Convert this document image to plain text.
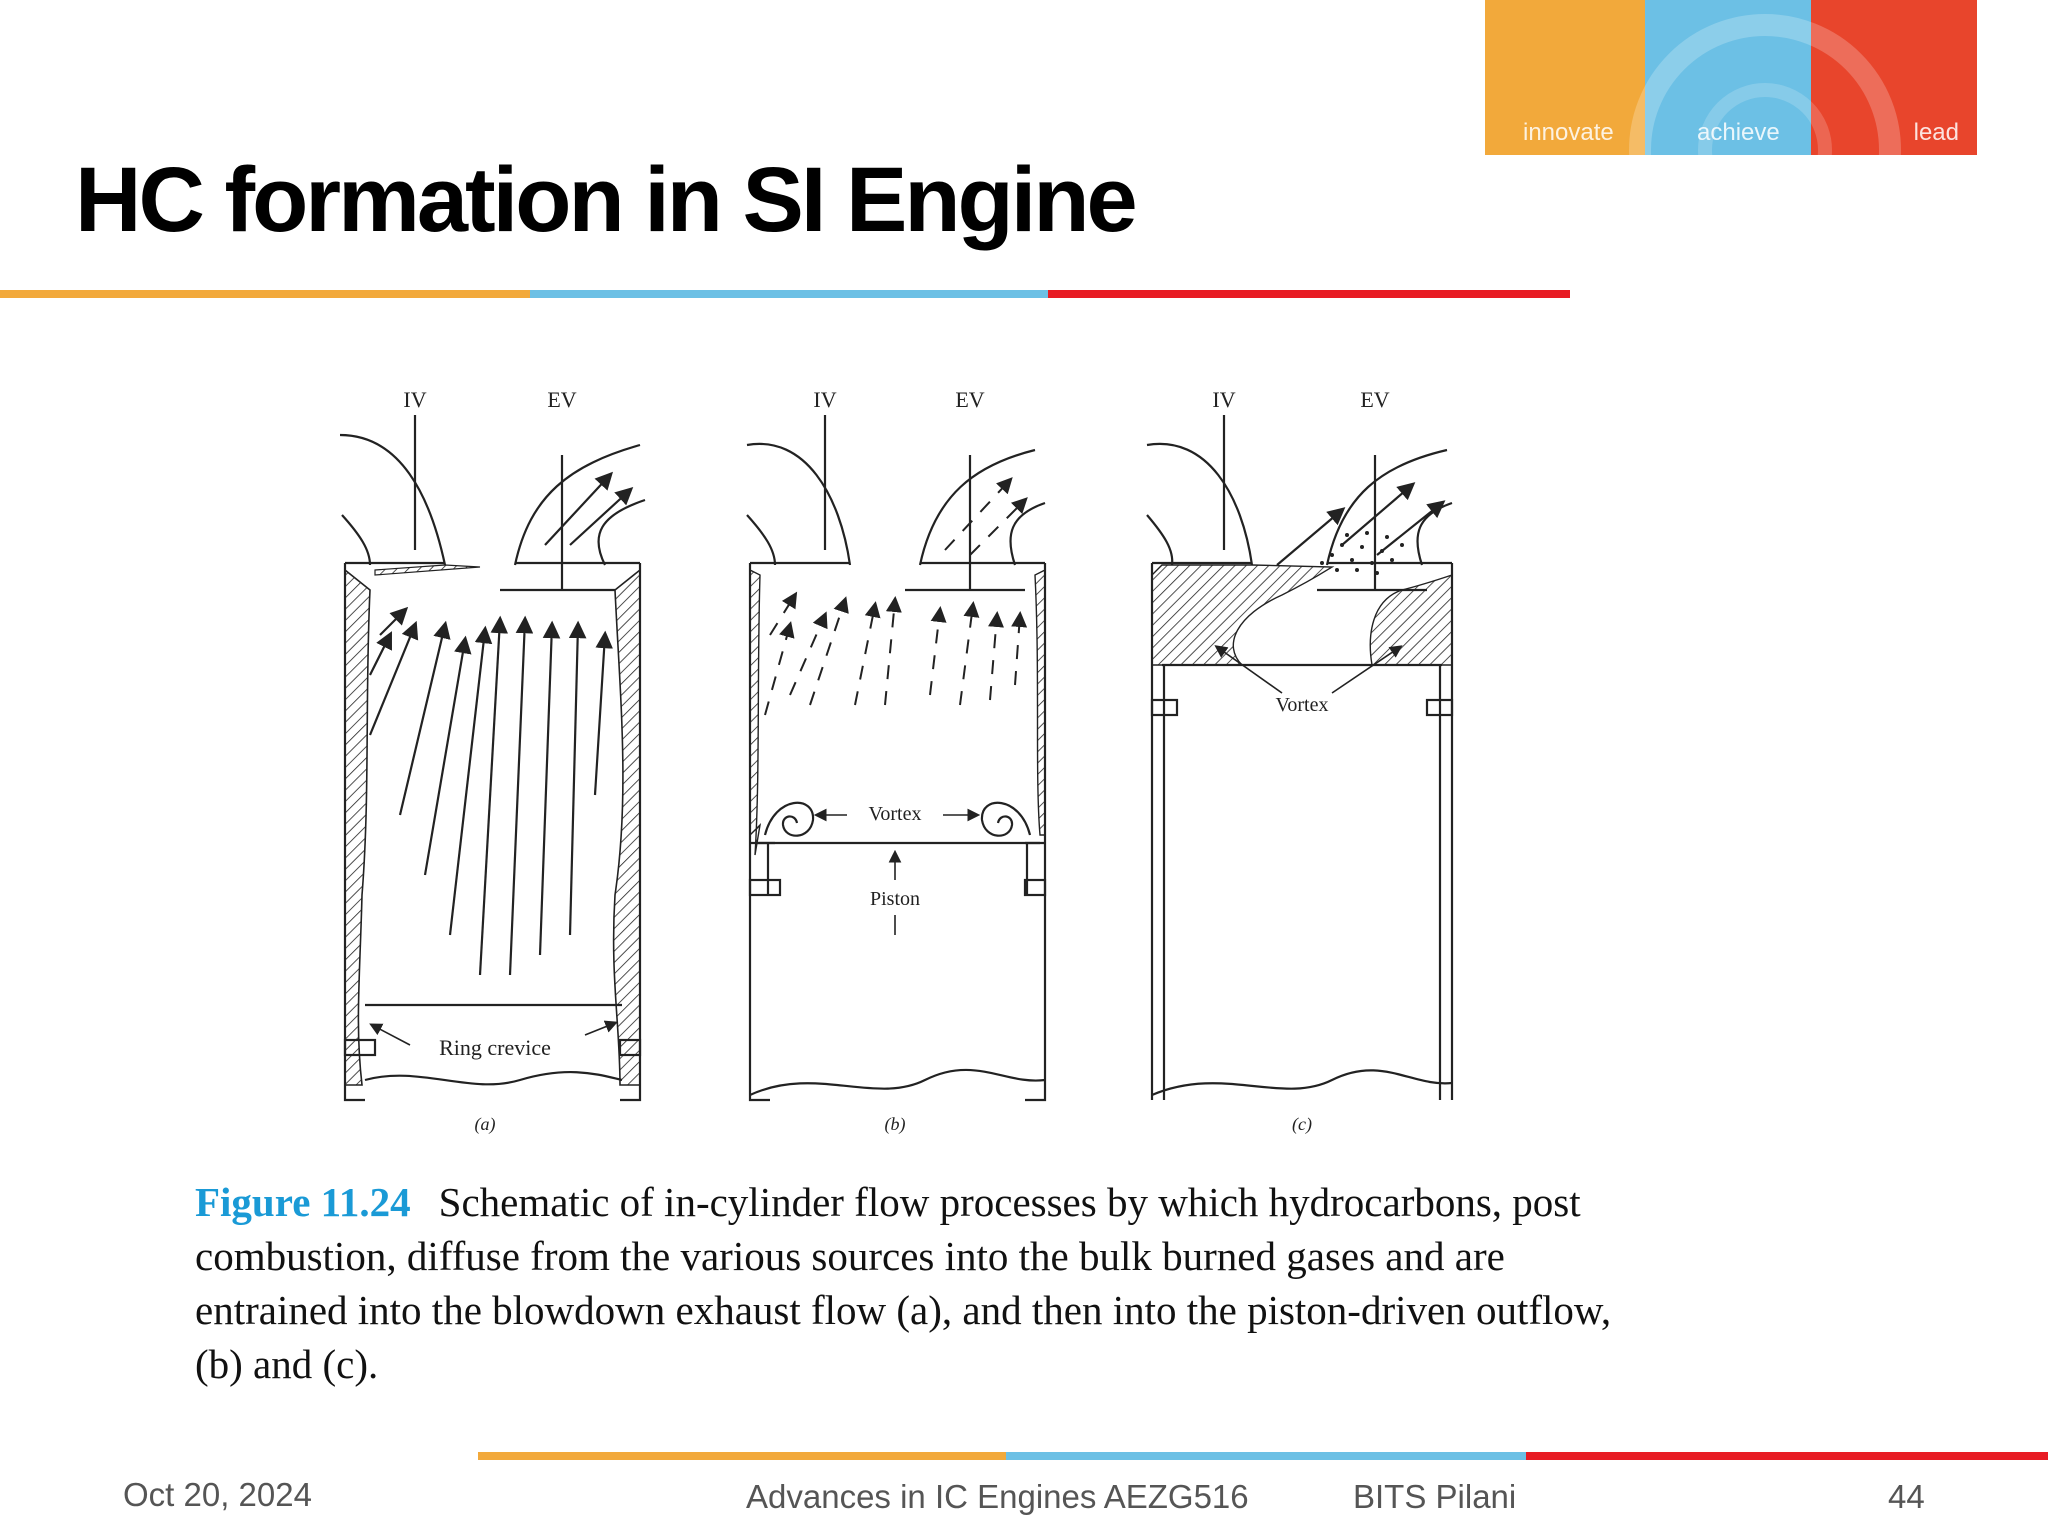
innovate	achieve	lead
HC formation in SI Engine
IV	EV
Ring crevice
(a)
IV	EV
Vortex
Piston
(b)
IV	EV
Vortex
(c)
Figure 11.24 Schematic of in-cylinder flow processes by which hydrocarbons, post combustion, diffuse from the various sources into the bulk burned gases and are entrained into the blowdown exhaust flow (a), and then into the piston-driven outflow, (b) and (c).
Oct 20, 2024	Advances in IC Engines AEZG516	BITS Pilani	44
